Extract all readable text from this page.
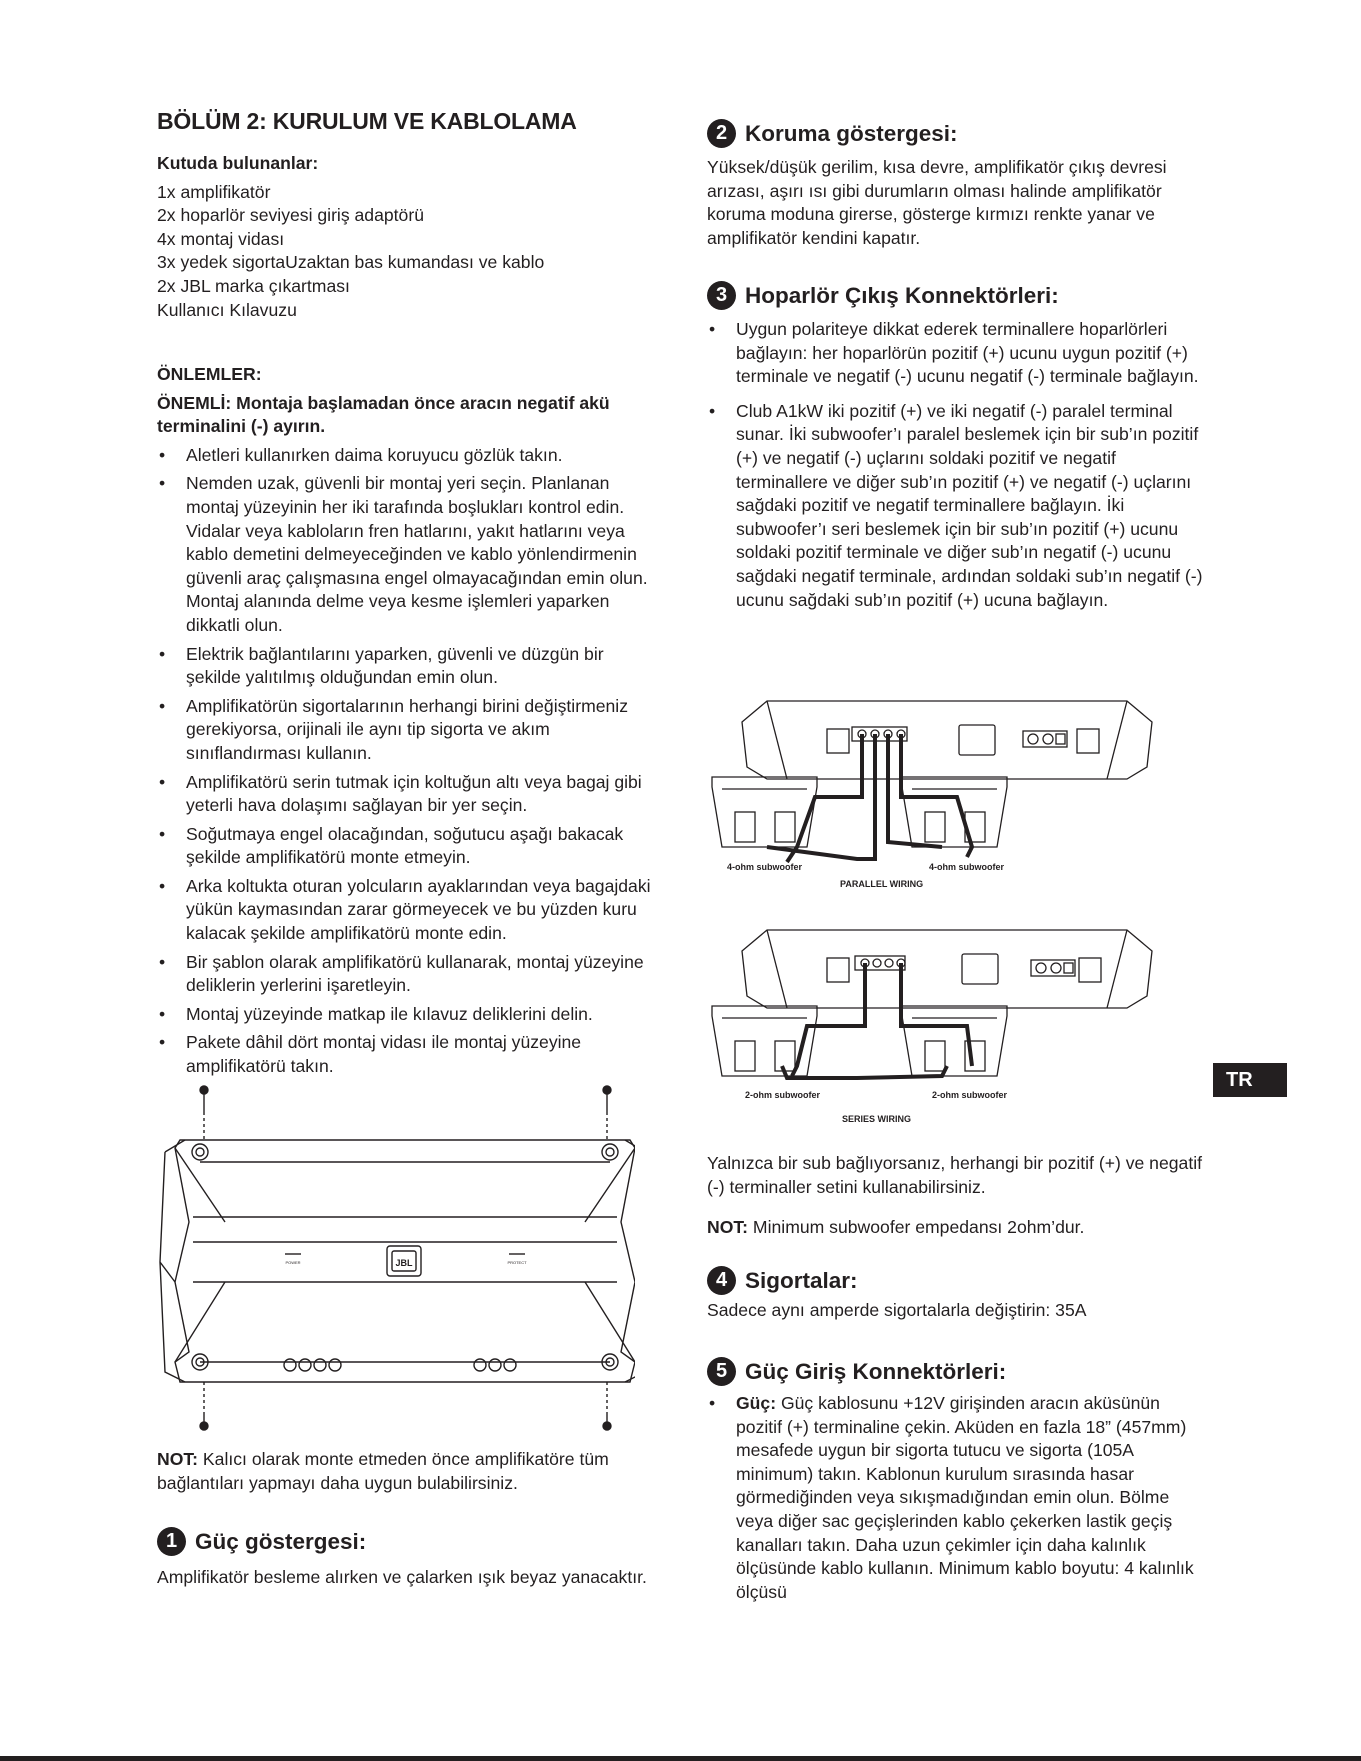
BÖLÜM 2: KURULUM VE KABLOLAMA

Kutuda bulunanlar:

1x amplifikatör
2x hoparlör seviyesi giriş adaptörü
4x montaj vidası
3x yedek sigortaUzaktan bas kumandası ve kablo
2x JBL marka çıkartması
Kullanıcı Kılavuzu

ÖNLEMLER:

ÖNEMLİ: Montaja başlamadan önce aracın negatif akü terminalini (-) ayırın.

• Aletleri kullanırken daima koruyucu gözlük takın.
• Nemden uzak, güvenli bir montaj yeri seçin. Planlanan montaj yüzeyinin her iki tarafında boşlukları kontrol edin. Vidalar veya kabloların fren hatlarını, yakıt hatlarını veya kablo demetini delmeyeceğinden ve kablo yönlendirmenin güvenli araç çalışmasına engel olmayacağından emin olun. Montaj alanında delme veya kesme işlemleri yaparken dikkatli olun.
• Elektrik bağlantılarını yaparken, güvenli ve düzgün bir şekilde yalıtılmış olduğundan emin olun.
• Amplifikatörün sigortalarının herhangi birini değiştirmeniz gerekiyorsa, orijinali ile aynı tip sigorta ve akım sınıflandırması kullanın.
• Amplifikatörü serin tutmak için koltuğun altı veya bagaj gibi yeterli hava dolaşımı sağlayan bir yer seçin.
• Soğutmaya engel olacağından, soğutucu aşağı bakacak şekilde amplifikatörü monte etmeyin.
• Arka koltukta oturan yolcuların ayaklarından veya bagajdaki yükün kaymasından zarar görmeyecek ve bu yüzden kuru kalacak şekilde amplifikatörü monte edin.
• Bir şablon olarak amplifikatörü kullanarak, montaj yüzeyine deliklerin yerlerini işaretleyin.
• Montaj yüzeyinde matkap ile kılavuz deliklerini delin.
• Pakete dâhil dört montaj vidası ile montaj yüzeyine amplifikatörü takın.
JBL
POWER	PROTECT
NOT: Kalıcı olarak monte etmeden önce amplifikatöre tüm bağlantıları yapmayı daha uygun bulabilirsiniz.
1 Güç göstergesi:

Amplifikatör besleme alırken ve çalarken ışık beyaz yanacaktır.

2 Koruma göstergesi:

Yüksek/düşük gerilim, kısa devre, amplifikatör çıkış devresi arızası, aşırı ısı gibi durumların olması halinde amplifikatör koruma moduna girerse, gösterge kırmızı renkte yanar ve amplifikatör kendini kapatır.

3 Hoparlör Çıkış Konnektörleri:
• Uygun polariteye dikkat ederek terminallere hoparlörleri bağlayın: her hoparlörün pozitif (+) ucunu uygun pozitif (+) terminale ve negatif (-) ucunu negatif (-) terminale bağlayın.
• Club A1kW iki pozitif (+) ve iki negatif (-) paralel terminal sunar. İki subwoofer’ı paralel beslemek için bir sub’ın pozitif (+) ve negatif (-) uçlarını soldaki pozitif ve negatif terminallere ve diğer sub’ın pozitif (+) ve negatif (-) uçlarını sağdaki pozitif ve negatif terminallere bağlayın. İki subwoofer’ı seri beslemek için bir sub’ın pozitif (+) ucunu soldaki pozitif terminale ve diğer sub’ın negatif (-) ucunu sağdaki negatif terminale, ardından soldaki sub’ın negatif (-) ucunu sağdaki sub’ın pozitif (+) ucuna bağlayın.
4-ohm subwoofer	4-ohm subwoofer
PARALLEL WIRING
2-ohm subwoofer	2-ohm subwoofer
SERIES WIRING

Yalnızca bir sub bağlıyorsanız, herhangi bir pozitif (+) ve negatif (-) terminaller setini kullanabilirsiniz.

NOT: Minimum subwoofer empedansı 2ohm’dur.
4 Sigortalar:

Sadece aynı amperde sigortalarla değiştirin: 35A

5 Güç Giriş Konnektörleri:
• Güç: Güç kablosunu +12V girişinden aracın aküsünün pozitif (+) terminaline çekin. Aküden en fazla 18” (457mm) mesafede uygun bir sigorta tutucu ve sigorta (105A minimum) takın. Kablonun kurulum sırasında hasar görmediğinden veya sıkışmadığından emin olun. Bölme veya diğer sac geçişlerinden kablo çekerken lastik geçiş kanalları takın. Daha uzun çekimler için daha kalınlık ölçüsünde kablo kullanın. Minimum kablo boyutu: 4 kalınlık ölçüsü
TR
